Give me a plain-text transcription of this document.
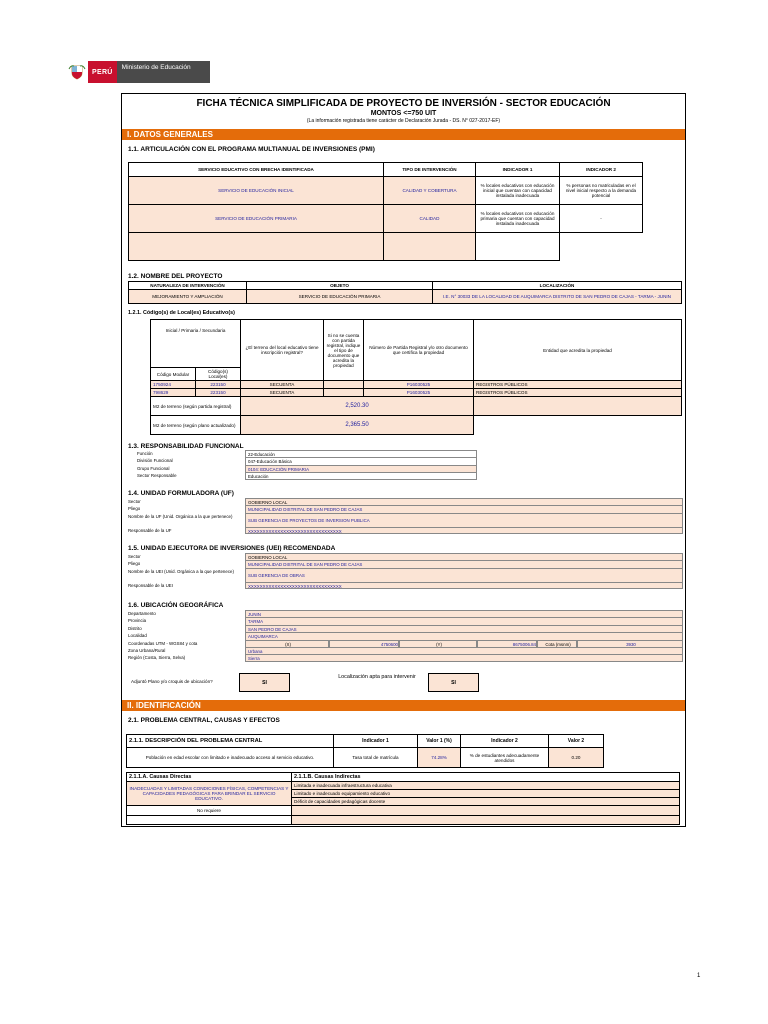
PERÚ
Ministerio de Educación
FICHA TÉCNICA SIMPLIFICADA DE PROYECTO DE INVERSIÓN - SECTOR EDUCACIÓN
MONTOS <=750 UIT
(La información registrada tiene carácter de Declaración Jurada - DS. N° 027-2017-EF)
I. DATOS GENERALES
1.1. ARTICULACIÓN CON EL PROGRAMA MULTIANUAL DE INVERSIONES (PMI)
SERVICIO EDUCATIVO CON BRECHA IDENTIFICADA	TIPO DE INTERVENCIÓN	INDICADOR 1	INDICADOR 2
SERVICIO DE EDUCACIÓN INICIAL	CALIDAD Y COBERTURA	% locales educativos con educación inicial que cuentan con capacidad instalada inadecuada	% personas no matriculadas en el nivel inicial respecto a la demanda potencial
SERVICIO DE EDUCACIÓN PRIMARIA	CALIDAD	% locales educativos con educación primaria que cuentan con capacidad instalada inadecuada	-

1.2. NOMBRE DEL PROYECTO
NATURALEZA DE INTERVENCIÓN	OBJETO	LOCALIZACIÓN
MEJORAMIENTO Y AMPLIACIÓN	SERVICIO DE EDUCACIÓN PRIMARIA	I.E. N° 30033 DE LA LOCALIDAD DE AUQUIMARCA DISTRITO DE SAN PEDRO DE CAJAS - TARMA - JUNIN
1.2.1. Código(s) de Local(es) Educativo(s)
Inicial / Primaria / Secundaria		¿El terreno del local educativo tiene inscripción registral?	Si no se cuenta con partida registral, indique el tipo de documento que acredita la propiedad	Número de Partida Registral y/o otro documento que certifica la propiedad	Entidad que acredita la propiedad
Código Modular	Código(s) Local(es)				
1750924	223150	SECUENTA		P16030525	REGISTROS PÚBLICOS
798629	223150	SECUENTA		P16030525	REGISTROS PÚBLICOS
M2 de terreno (según partida registral)		2,520.30			
M2 de terreno (según plano actualizado)		2,365.50			
1.3. RESPONSABILIDAD FUNCIONAL
Función	22-Educación
División Funcional	047-Educación Básica
Grupo Funcional	0104: EDUCACIÓN PRIMARIA
Sector Responsable	Educación
1.4. UNIDAD FORMULADORA (UF)
Sector	GOBIERNO LOCAL
Pliego	MUNICIPALIDAD DISTRITAL DE SAN PEDRO DE CAJAS
Nombre de la UF (Unid. Orgánica a la que pertenece)
SUB GERENCIA DE PROYECTOS DE INVERSION PUBLICA
Responsable de la UF	XXXXXXXXXXXXXXXXXXXXXXXXXXXXXXXX
1.5. UNIDAD EJECUTORA DE INVERSIONES (UEI) RECOMENDADA
Sector	GOBIERNO LOCAL
Pliego	MUNICIPALIDAD DISTRITAL DE SAN PEDRO DE CAJAS
Nombre de la UEI (Unid. Orgánica a la que pertenece)
SUB GERENCIA DE OBRAS
Responsable de la UEI	XXXXXXXXXXXXXXXXXXXXXXXXXXXXXXXX
1.6. UBICACIÓN GEOGRÁFICA
Departamento	JUNIN
Provincia	TARMA
Distrito	SAN PEDRO DE CAJAS
Localidad	AUQUIMARCA
Coordenadas UTM - WGS84 y cota	(X)	4750600	(Y)	8675006.84	Cota (msnm)	3930
Zona Urbana/Rural	Urbana
Región (Costa, Sierra, Selva)	Sierra
Adjuntó Plano y/o croquis de ubicación?	SI
Localización apta para intervenir
SI
II. IDENTIFICACIÓN
2.1. PROBLEMA CENTRAL, CAUSAS Y EFECTOS
2.1.1. DESCRIPCIÓN DEL PROBLEMA CENTRAL	Indicador 1	Valor 1 (%)	Indicador 2	Valor 2
Población en edad escolar con limitado e inadecuado acceso al servicio educativo.	Tasa total de matrícula	74.28%	% de estudiantes adecuadamente atendidos	0.20
2.1.1.A. Causas Directas	2.1.1.B. Causas Indirectas
INADECUADAS Y LIMITADAS CONDICIONES FÍSICAS, COMPETENCIAS Y CAPACIDADES PEDAGÓGICAS PARA BRINDAR EL SERVICIO EDUCATIVO.	Limitada e inadecuada infraestructura educativa
	Limitado e inadecuado equipamiento educativo
	Déficit de capacidades pedagógicas docente
No requiere	

1
